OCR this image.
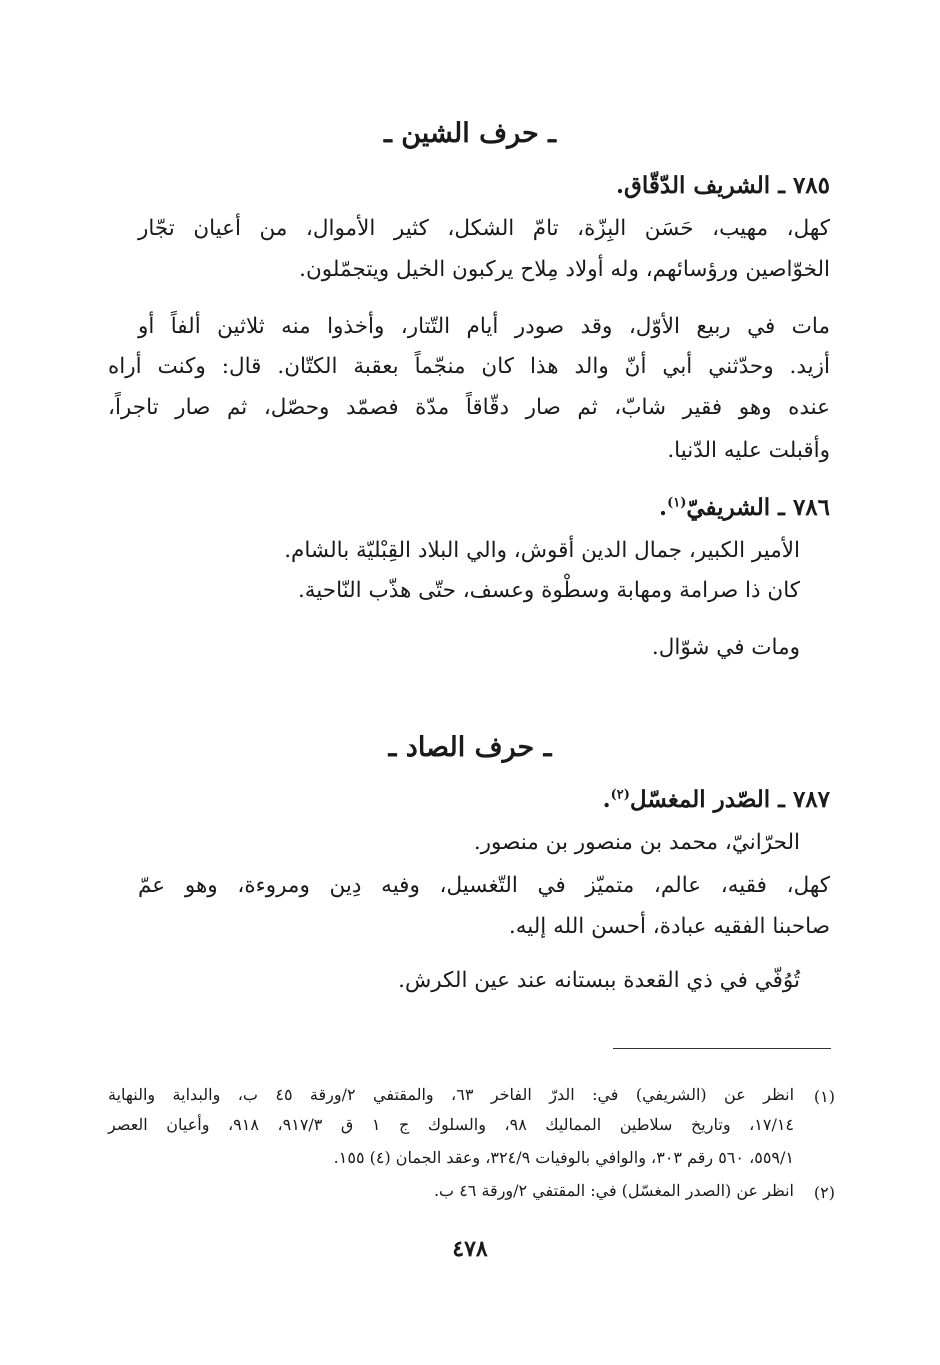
ـ حرف الشين ـ
٧٨٥ ـ الشريف الدّقّاق.
كهل، مهيب، حَسَن البِزّة، تامّ الشكل، كثير الأموال، من أعيان تجّار
الخوّاصين ورؤسائهم، وله أولاد مِلاح يركبون الخيل ويتجمّلون.
مات في ربيع الأوّل، وقد صودر أيام التّتار، وأخذوا منه ثلاثين ألفاً أو
أزيد. وحدّثني أبي أنّ والد هذا كان منجّماً بعقبة الكتّان. قال: وكنت أراه
عنده وهو فقير شابّ، ثم صار دقّاقاً مدّة فصمّد وحصّل، ثم صار تاجراً،
وأقبلت عليه الدّنيا.
٧٨٦ ـ الشريفيّ$^{(١)}$.
الأمير الكبير، جمال الدين أقوش، والي البلاد القِبْليّة بالشام.
كان ذا صرامة ومهابة وسطْوة وعسف، حتّى هذّب النّاحية.
ومات في شوّال.
ـ حرف الصاد ـ
٧٨٧ ـ الصّدر المغسّل$^{(٢)}$.
الحرّانيّ، محمد بن منصور بن منصور.
كهل، فقيه، عالم، متميّز في التّغسيل، وفيه دِين ومروءة، وهو عمّ
صاحبنا الفقيه عبادة، أحسن الله إليه.
تُوُفّي في ذي القعدة ببستانه عند عين الكرش.
(١)
انظر عن (الشريفي) في: الدرّ الفاخر ٦٣، والمقتفي ٢/ورقة ٤٥ ب، والبداية والنهاية
١٧/١٤، وتاريخ سلاطين المماليك ٩٨، والسلوك ج ١ ق ٩١٧/٣، ٩١٨، وأعيان العصر
٥٥٩/١، ٥٦٠ رقم ٣٠٣، والوافي بالوفيات ٣٢٤/٩، وعقد الجمان (٤) ١٥٥.
(٢)
انظر عن (الصدر المغسّل) في: المقتفي ٢/ورقة ٤٦ ب.
٤٧٨
